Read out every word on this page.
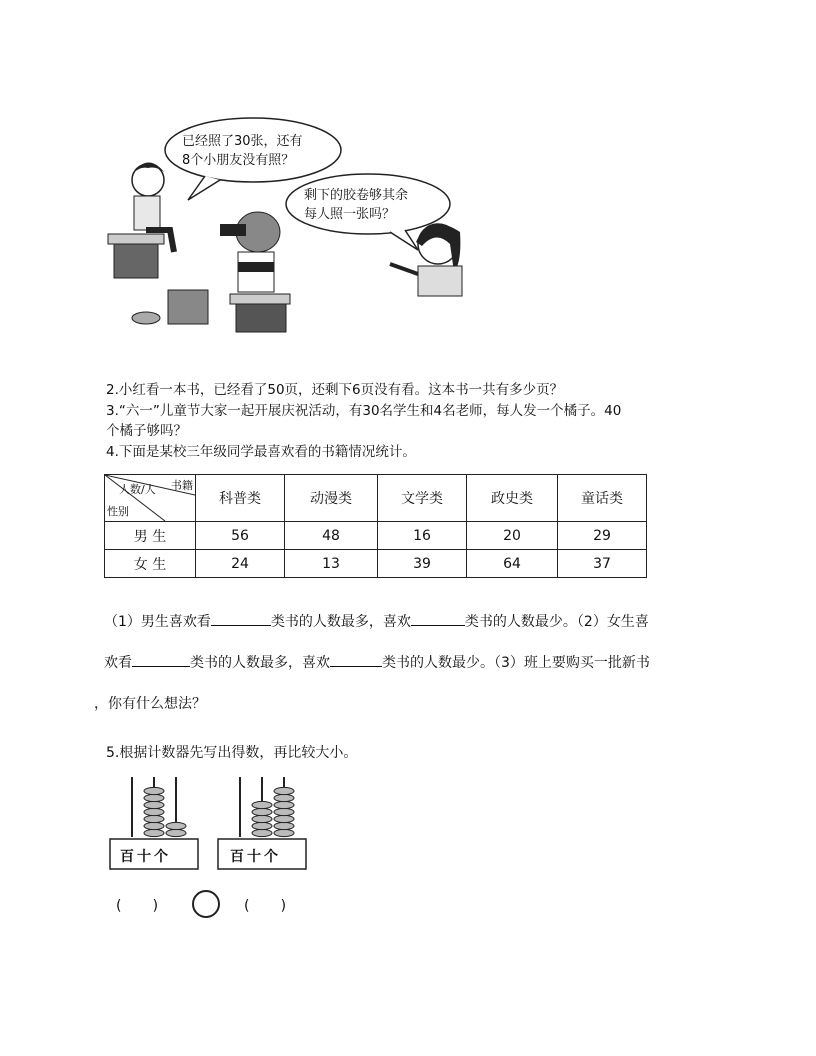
已经照了30张，还有
8个小朋友没有照？
剩下的胶卷够其余
每人照一张吗？
2.小红看一本书，已经看了50页，还剩下6页没有看。这本书一共有多少页？
3.“六一”儿童节大家一起开展庆祝活动，有30名学生和4名老师，每人发一个橘子。40
个橘子够吗？
4.下面是某校三年级同学最喜欢看的书籍情况统计。
书籍
人数/人
性别	科普类	动漫类	文学类	政史类	童话类
男 生	56	48	16	20	29
女 生	24	13	39	64	37
（1）男生喜欢看	类书的人数最多，喜欢	类书的人数最少。（2）女生喜
欢看	类书的人数最多，喜欢	类书的人数最少。（3）班上要购买一批新书
，你有什么想法？
5.根据计数器先写出得数，再比较大小。
百十个	百十个
(       )	(       )
